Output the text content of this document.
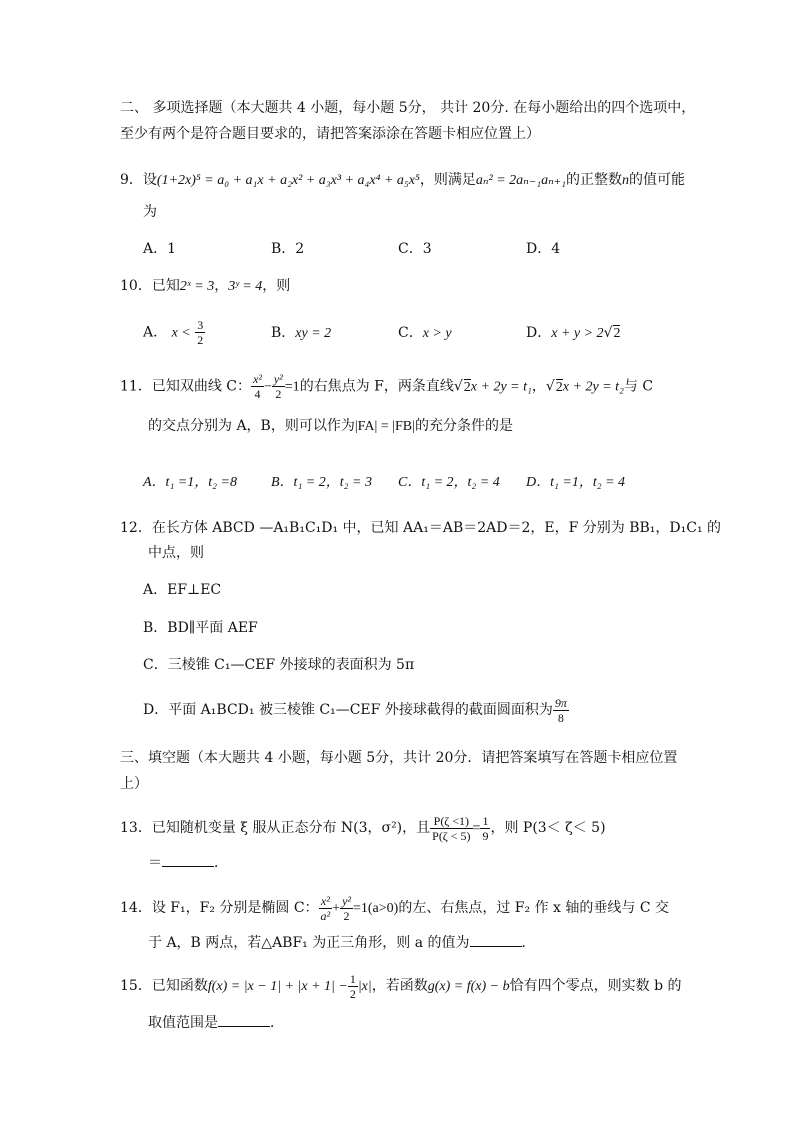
二、 多项选择题（本大题共 4 小题，每小题 5分， 共计 20分. 在每小题给出的四个选项中，
至少有两个是符合题目要求的，请把答案添涂在答题卡相应位置上）
9．设(1+2x)⁵ = a₀ + a₁x + a₂x² + a₃x³ + a₄x⁴ + a₅x⁵，则满足aₙ² = 2aₙ₋₁aₙ₊₁的正整数n的值可能
为
A．1	B．2	C．3	D．4
10．已知2ˣ = 3，3ʸ = 4，则
A． $x < \frac{3}{2}$	B．xy = 2	C．x > y	D．x + y > 2√2
11．已知双曲线 C： $\frac{\text{x²}}{4} - \frac{\text{y²}}{2} =1$的右焦点为 F，两条直线√2x + 2y = t₁，√2x + 2y = t₂与 C
的交点分别为 A，B，则可以作为|FA| = |FB|的充分条件的是
A．t₁ =1，t₂ =8 B．t₁ = 2，t₂ = 3 C．t₁ = 2，t₂ = 4 D．t₁ =1，t₂ = 4
12．在长方体 ABCD —A₁B₁C₁D₁ 中，已知 AA₁＝AB＝2AD＝2，E，F 分别为 BB₁，D₁C₁ 的
中点，则
A．EF⊥EC
B．BD∥平面 AEF
C．三棱锥 C₁—CEF 外接球的表面积为 5π
D．平面 A₁BCD₁ 被三棱锥 C₁—CEF 外接球截得的截面圆面积为 $\frac{9\pi}{8}$
三、填空题（本大题共 4 小题，每小题 5分，共计 20分．请把答案填写在答题卡相应位置
上）
13．已知随机变量 ξ 服从正态分布 N(3，σ²)，且 $\frac{P(\zeta <1)}{P(\zeta < 5)} = \frac{1}{9}$ ，则 P(3＜ ζ＜ 5)
＝	．
14．设 F₁，F₂ 分别是椭圆 C： $\frac{\text{x²}}{\text{a²}} + \frac{\text{y²}}{2} =1(a>0)$的左、右焦点，过 F₂ 作 x 轴的垂线与 C 交
于 A，B 两点，若△ABF₁ 为正三角形，则 a 的值为	．
15．已知函数$f(x) = |x - 1| + |x + 1| - \frac{1}{2} |x|$，若函数g(x) = f(x) − b恰有四个零点，则实数 b 的
取值范围是	．
